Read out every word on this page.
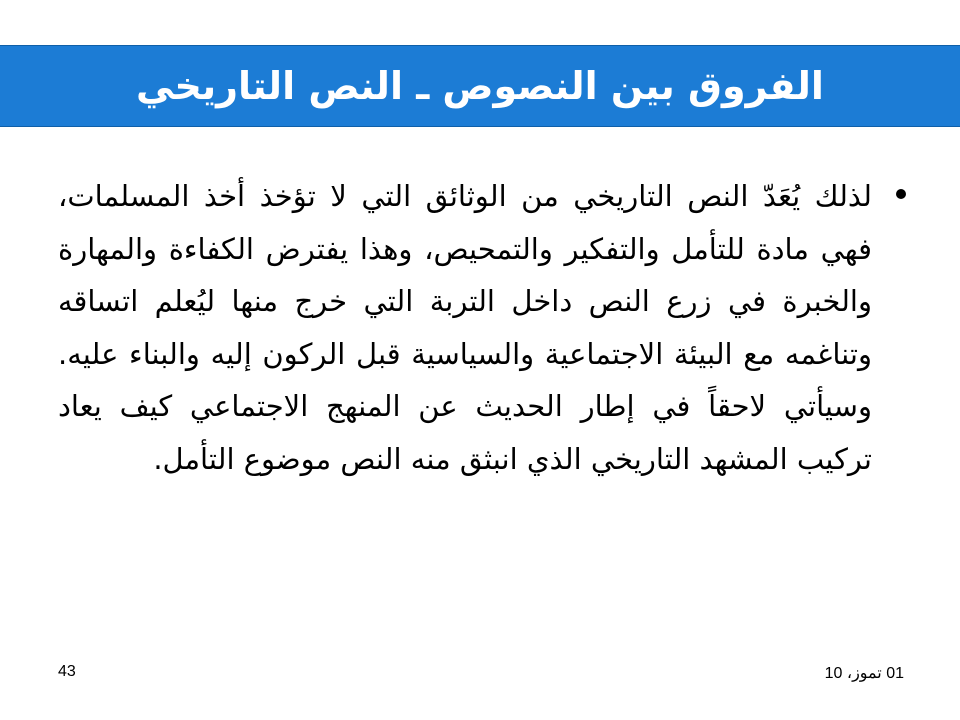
الفروق بين النصوص ـ النص التاريخي

لذلك يُعَدّ النص التاريخي من الوثائق التي لا تؤخذ أخذ المسلمات، فهي مادة للتأمل والتفكير والتمحيص، وهذا يفترض الكفاءة والمهارة والخبرة في زرع النص داخل التربة التي خرج منها ليُعلم اتساقه وتناغمه مع البيئة الاجتماعية والسياسية قبل الركون إليه والبناء عليه. وسيأتي لاحقاً في إطار الحديث عن المنهج الاجتماعي كيف يعاد تركيب المشهد التاريخي الذي انبثق منه النص موضوع التأمل.

01 تموز، 10
43
